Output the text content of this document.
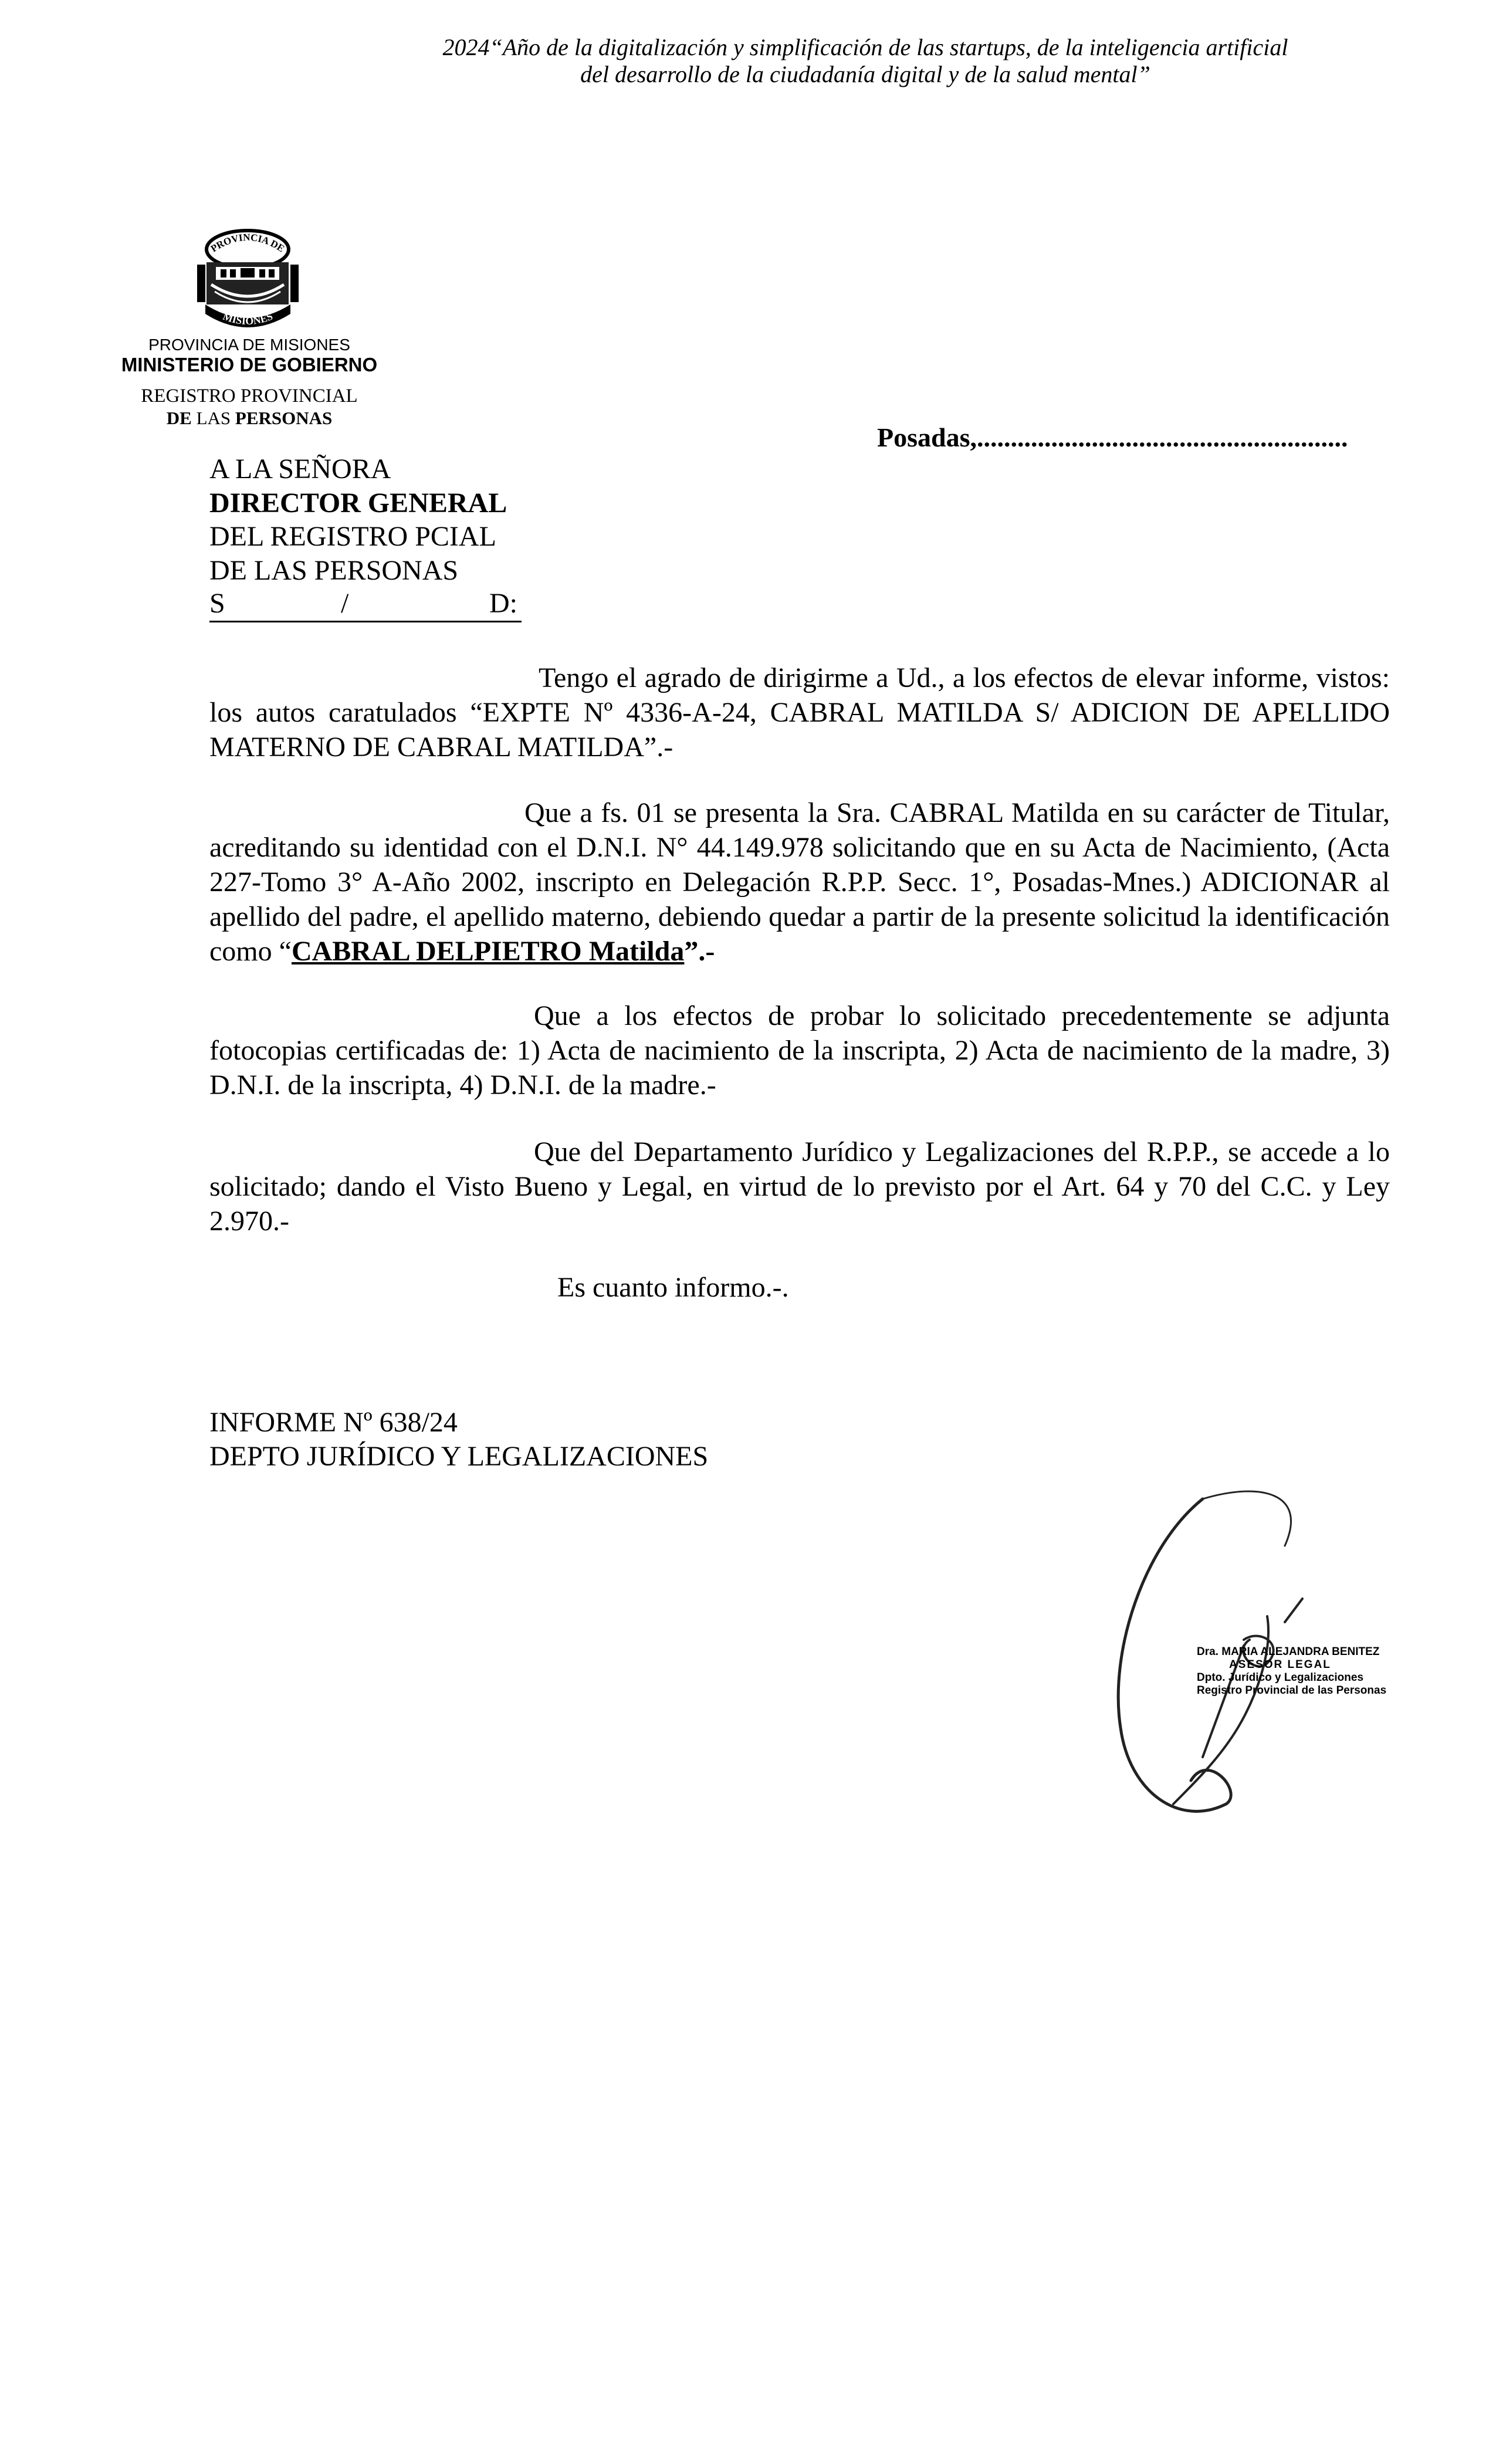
2024“Año de la digitalización y simplificación de las startups, de la inteligencia artificial
del desarrollo de la ciudadanía digital y de la salud mental”
PROVINCIA DE
MISIONES
PROVINCIA DE MISIONES
MINISTERIO DE GOBIERNO
REGISTRO PROVINCIAL
DE LAS PERSONAS
Posadas,.......................................................
A LA SEÑORA
DIRECTOR GENERAL
DEL REGISTRO PCIAL
DE LAS PERSONAS
S	/	D:
Tengo el agrado de dirigirme a Ud., a los efectos de elevar informe, vistos: los autos caratulados “EXPTE Nº 4336-A-24, CABRAL MATILDA S/ ADICION DE APELLIDO MATERNO DE CABRAL MATILDA”.-
Que a fs. 01 se presenta la Sra. CABRAL Matilda en su carácter de Titular, acreditando su identidad con el D.N.I. N° 44.149.978 solicitando que en su Acta de Nacimiento, (Acta 227-Tomo 3° A-Año 2002, inscripto en Delegación R.P.P. Secc. 1°, Posadas-Mnes.) ADICIONAR al apellido del padre, el apellido materno, debiendo quedar a partir de la presente solicitud la identificación como “CABRAL DELPIETRO Matilda”.-
Que a los efectos de probar lo solicitado precedentemente se adjunta fotocopias certificadas de: 1) Acta de nacimiento de la inscripta, 2) Acta de nacimiento de la madre, 3) D.N.I. de la inscripta, 4) D.N.I. de la madre.-
Que del Departamento Jurídico y Legalizaciones del R.P.P., se accede a lo solicitado; dando el Visto Bueno y Legal, en virtud de lo previsto por el Art. 64 y 70 del C.C. y Ley 2.970.-
Es cuanto informo.-.
INFORME Nº 638/24
DEPTO JURÍDICO Y LEGALIZACIONES
Dra. MARIA ALEJANDRA BENITEZ
ASESOR LEGAL
Dpto. Jurídico y Legalizaciones
Registro Provincial de las Personas
